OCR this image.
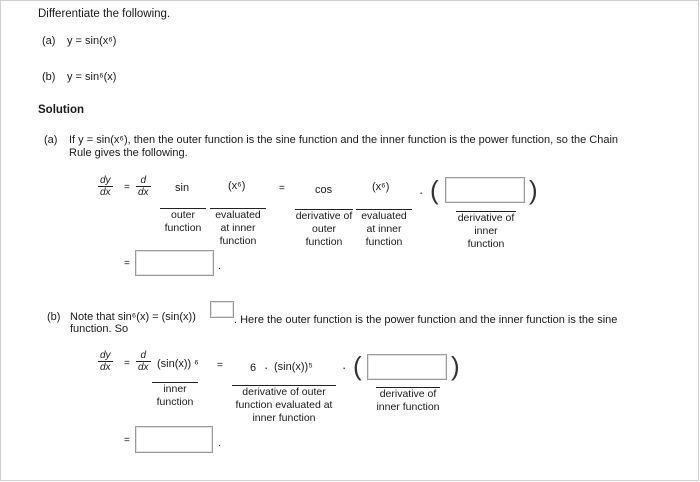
Differentiate the following.
(a) y = sin(x⁶)
(b) y = sin⁶(x)
Solution
(a) If y = sin(x⁶), then the outer function is the sine function and the inner function is the power function, so the Chain
Rule gives the following.
$\frac{dy}{dx} = \frac{d}{dx}$ sin	(x⁶)	=	cos	(x⁶) · (	)
outer function
evaluated at inner function
derivative of outer function
evaluated at inner function
derivative of inner function
=	.
(b) Note that sin⁶(x) = (sin(x))	. Here the outer function is the power function and the inner function is the sine
function. So
$\frac{dy}{dx} = \frac{d}{dx} (\sin(x)) ^6 = 6 \cdot (\sin(x))^5$ · (	)
inner function
derivative of outer function evaluated at inner function
derivative of inner function
=	.
